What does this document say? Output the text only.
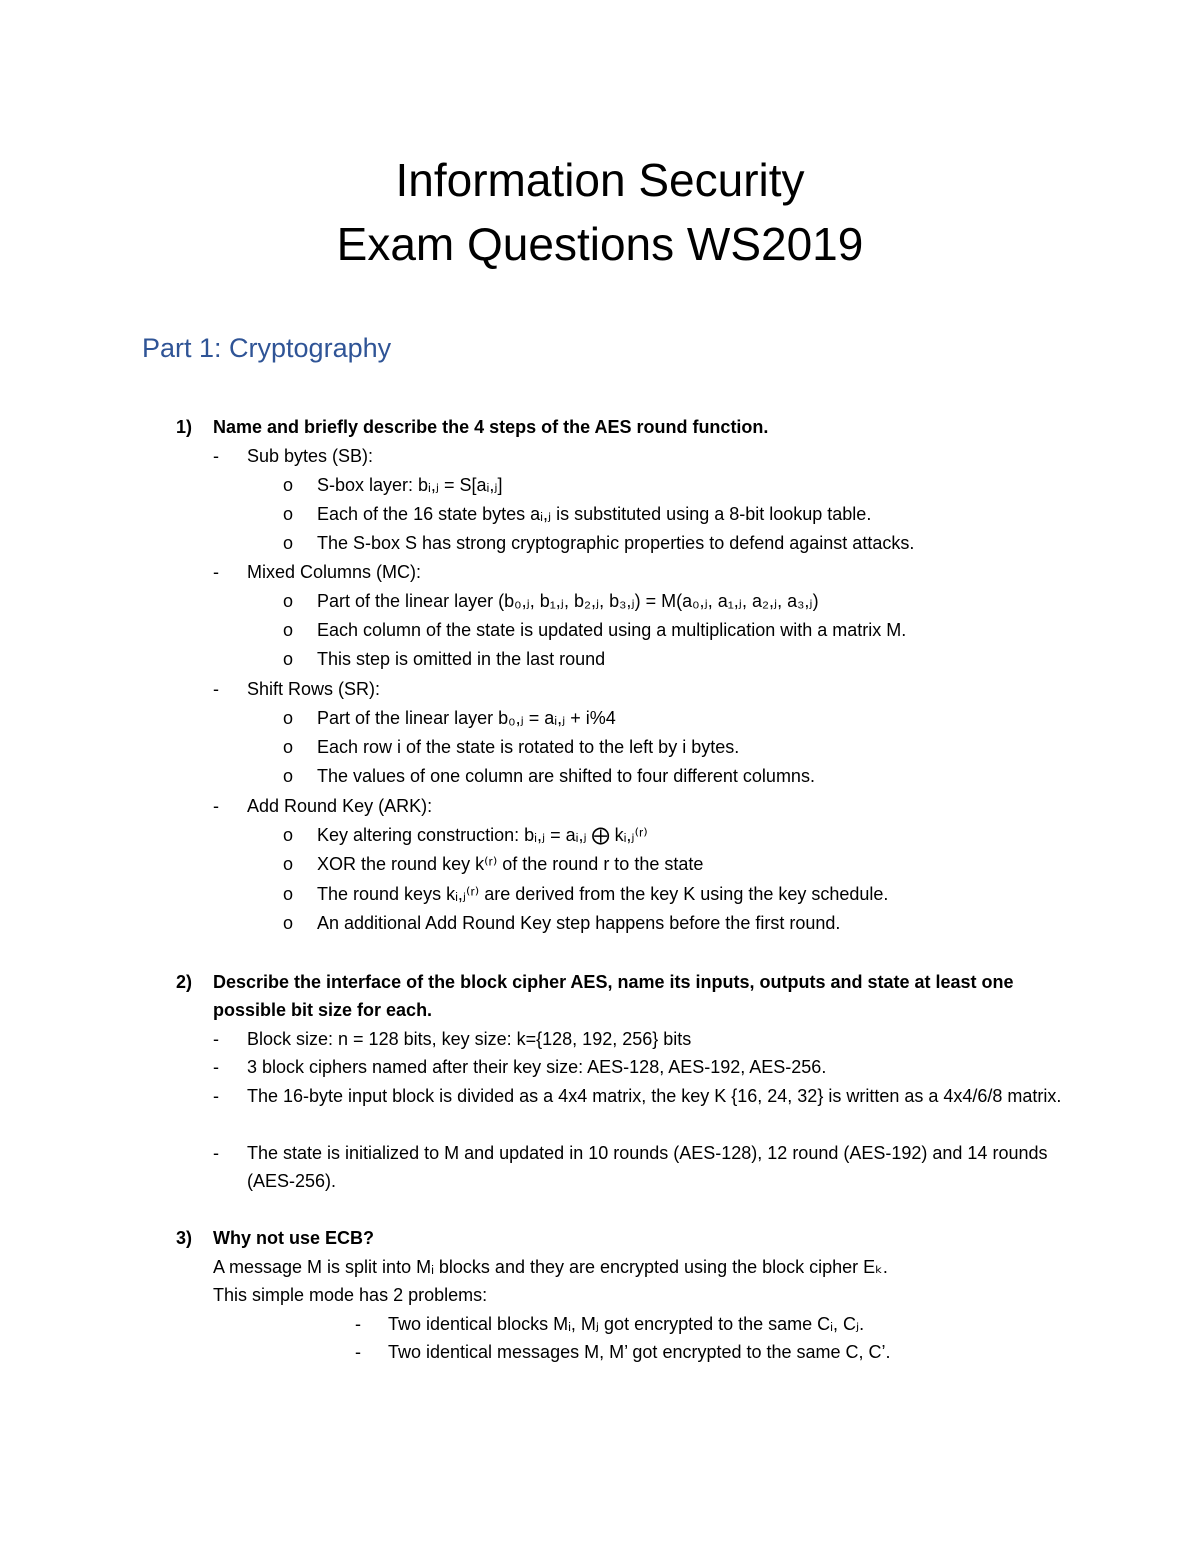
Information Security
Exam Questions WS2019
Part 1: Cryptography
1) Name and briefly describe the 4 steps of the AES round function.
- Sub bytes (SB):
o S-box layer: bᵢ,ⱼ = S[aᵢ,ⱼ]
o Each of the 16 state bytes aᵢ,ⱼ is substituted using a 8-bit lookup table.
o The S-box S has strong cryptographic properties to defend against attacks.
- Mixed Columns (MC):
o Part of the linear layer (b₀,ⱼ, b₁,ⱼ, b₂,ⱼ, b₃,ⱼ) = M(a₀,ⱼ, a₁,ⱼ, a₂,ⱼ, a₃,ⱼ)
o Each column of the state is updated using a multiplication with a matrix M.
o This step is omitted in the last round
- Shift Rows (SR):
o Part of the linear layer b₀,ⱼ = aᵢ,ⱼ + i%4
o Each row i of the state is rotated to the left by i bytes.
o The values of one column are shifted to four different columns.
- Add Round Key (ARK):
o Key altering construction: bᵢ,ⱼ = aᵢ,ⱼ ⨁ kᵢ,ⱼ⁽ʳ⁾
o XOR the round key k⁽ʳ⁾ of the round r to the state
o The round keys kᵢ,ⱼ⁽ʳ⁾ are derived from the key K using the key schedule.
o An additional Add Round Key step happens before the first round.
2) Describe the interface of the block cipher AES, name its inputs, outputs and state at least one possible bit size for each.
- Block size: n = 128 bits, key size: k={128, 192, 256} bits
- 3 block ciphers named after their key size: AES-128, AES-192, AES-256.
- The 16-byte input block is divided as a 4x4 matrix, the key K {16, 24, 32} is written as a 4x4/6/8 matrix.
- The state is initialized to M and updated in 10 rounds (AES-128), 12 round (AES-192) and 14 rounds (AES-256).
3) Why not use ECB?
A message M is split into Mᵢ blocks and they are encrypted using the block cipher Eₖ.
This simple mode has 2 problems:
- Two identical blocks Mᵢ, Mⱼ got encrypted to the same Cᵢ, Cⱼ.
- Two identical messages M, M’ got encrypted to the same C, C’.
